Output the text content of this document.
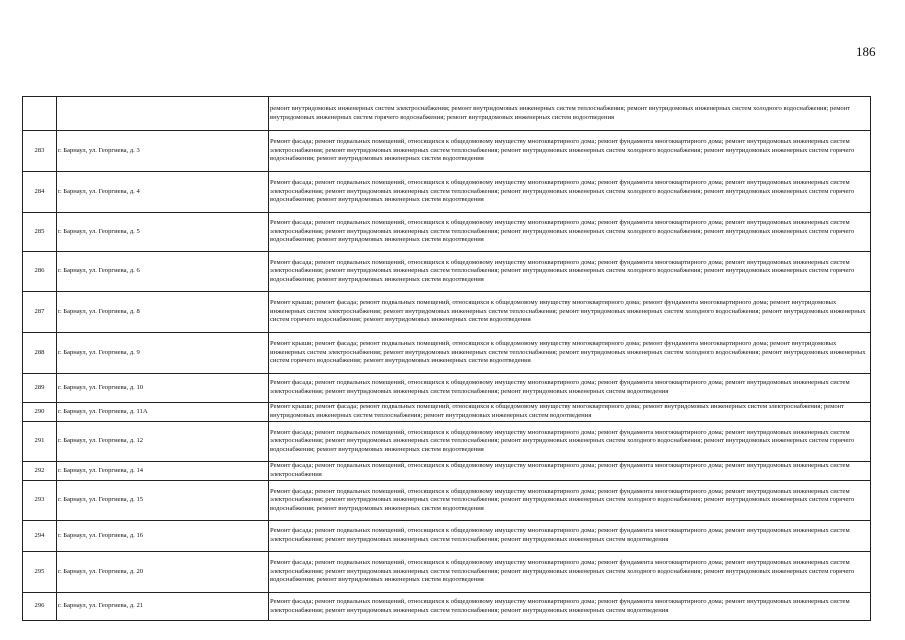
186
		ремонт внутридомовых инженерных систем электроснабжения; ремонт внутридомовых инженерных систем теплоснабжения; ремонт внутридомовых инженерных систем холодного водоснабжения; ремонт внутридомовых инженерных систем горячего водоснабжения; ремонт внутридомовых инженерных систем водоотведения
283	г. Барнаул, ул. Георгиева, д. 3	Ремонт фасада; ремонт подвальных помещений, относящихся к общедомовому имуществу многоквартирного дома; ремонт фундамента многоквартирного дома; ремонт внутридомовых инженерных систем электроснабжения; ремонт внутридомовых инженерных систем теплоснабжения; ремонт внутридомовых инженерных систем холодного водоснабжения; ремонт внутридомовых инженерных систем горячего водоснабжения; ремонт внутридомовых инженерных систем водоотведения
284	г. Барнаул, ул. Георгиева, д. 4	Ремонт фасада; ремонт подвальных помещений, относящихся к общедомовому имуществу многоквартирного дома; ремонт фундамента многоквартирного дома; ремонт внутридомовых инженерных систем электроснабжения; ремонт внутридомовых инженерных систем теплоснабжения; ремонт внутридомовых инженерных систем холодного водоснабжения; ремонт внутридомовых инженерных систем горячего водоснабжения; ремонт внутридомовых инженерных систем водоотведения
285	г. Барнаул, ул. Георгиева, д. 5	Ремонт фасада; ремонт подвальных помещений, относящихся к общедомовому имуществу многоквартирного дома; ремонт фундамента многоквартирного дома; ремонт внутридомовых инженерных систем электроснабжения; ремонт внутридомовых инженерных систем теплоснабжения; ремонт внутридомовых инженерных систем холодного водоснабжения; ремонт внутридомовых инженерных систем горячего водоснабжения; ремонт внутридомовых инженерных систем водоотведения
286	г. Барнаул, ул. Георгиева, д. 6	Ремонт фасада; ремонт подвальных помещений, относящихся к общедомовому имуществу многоквартирного дома; ремонт фундамента многоквартирного дома; ремонт внутридомовых инженерных систем электроснабжения; ремонт внутридомовых инженерных систем теплоснабжения; ремонт внутридомовых инженерных систем холодного водоснабжения; ремонт внутридомовых инженерных систем горячего водоснабжения; ремонт внутридомовых инженерных систем водоотведения
287	г. Барнаул, ул. Георгиева, д. 8	Ремонт крыши; ремонт фасада; ремонт подвальных помещений, относящихся к общедомовому имуществу многоквартирного дома; ремонт фундамента многоквартирного дома; ремонт внутридомовых инженерных систем электроснабжения; ремонт внутридомовых инженерных систем теплоснабжения; ремонт внутридомовых инженерных систем холодного водоснабжения; ремонт внутридомовых инженерных систем горячего водоснабжения; ремонт внутридомовых инженерных систем водоотведения
288	г. Барнаул, ул. Георгиева, д. 9	Ремонт крыши; ремонт фасада; ремонт подвальных помещений, относящихся к общедомовому имуществу многоквартирного дома; ремонт фундамента многоквартирного дома; ремонт внутридомовых инженерных систем электроснабжения; ремонт внутридомовых инженерных систем теплоснабжения; ремонт внутридомовых инженерных систем холодного водоснабжения; ремонт внутридомовых инженерных систем горячего водоснабжения; ремонт внутридомовых инженерных систем водоотведения
289	г. Барнаул, ул. Георгиева, д. 10	Ремонт фасада; ремонт подвальных помещений, относящихся к общедомовому имуществу многоквартирного дома; ремонт фундамента многоквартирного дома; ремонт внутридомовых инженерных систем электроснабжения; ремонт внутридомовых инженерных систем теплоснабжения; ремонт внутридомовых инженерных систем водоотведения
290	г. Барнаул, ул. Георгиева, д. 11А	Ремонт крыши; ремонт фасада; ремонт подвальных помещений, относящихся к общедомовому имуществу многоквартирного дома; ремонт внутридомовых инженерных систем электроснабжения; ремонт внутридомовых инженерных систем теплоснабжения; ремонт внутридомовых инженерных систем водоотведения
291	г. Барнаул, ул. Георгиева, д. 12	Ремонт фасада; ремонт подвальных помещений, относящихся к общедомовому имуществу многоквартирного дома; ремонт фундамента многоквартирного дома; ремонт внутридомовых инженерных систем электроснабжения; ремонт внутридомовых инженерных систем теплоснабжения; ремонт внутридомовых инженерных систем холодного водоснабжения; ремонт внутридомовых инженерных систем горячего водоснабжения; ремонт внутридомовых инженерных систем водоотведения
292	г. Барнаул, ул. Георгиева, д. 14	Ремонт фасада; ремонт подвальных помещений, относящихся к общедомовому имуществу многоквартирного дома; ремонт фундамента многоквартирного дома; ремонт внутридомовых инженерных систем электроснабжения
293	г. Барнаул, ул. Георгиева, д. 15	Ремонт фасада; ремонт подвальных помещений, относящихся к общедомовому имуществу многоквартирного дома; ремонт фундамента многоквартирного дома; ремонт внутридомовых инженерных систем электроснабжения; ремонт внутридомовых инженерных систем теплоснабжения; ремонт внутридомовых инженерных систем холодного водоснабжения; ремонт внутридомовых инженерных систем горячего водоснабжения; ремонт внутридомовых инженерных систем водоотведения
294	г. Барнаул, ул. Георгиева, д. 16	Ремонт фасада; ремонт подвальных помещений, относящихся к общедомовому имуществу многоквартирного дома; ремонт фундамента многоквартирного дома; ремонт внутридомовых инженерных систем электроснабжения; ремонт внутридомовых инженерных систем теплоснабжения; ремонт внутридомовых инженерных систем водоотведения
295	г. Барнаул, ул. Георгиева, д. 20	Ремонт фасада; ремонт подвальных помещений, относящихся к общедомовому имуществу многоквартирного дома; ремонт фундамента многоквартирного дома; ремонт внутридомовых инженерных систем электроснабжения; ремонт внутридомовых инженерных систем теплоснабжения; ремонт внутридомовых инженерных систем холодного водоснабжения; ремонт внутридомовых инженерных систем горячего водоснабжения; ремонт внутридомовых инженерных систем водоотведения
296	г. Барнаул, ул. Георгиева, д. 21	Ремонт фасада; ремонт подвальных помещений, относящихся к общедомовому имуществу многоквартирного дома; ремонт фундамента многоквартирного дома; ремонт внутридомовых инженерных систем электроснабжения; ремонт внутридомовых инженерных систем теплоснабжения; ремонт внутридомовых инженерных систем водоотведения
